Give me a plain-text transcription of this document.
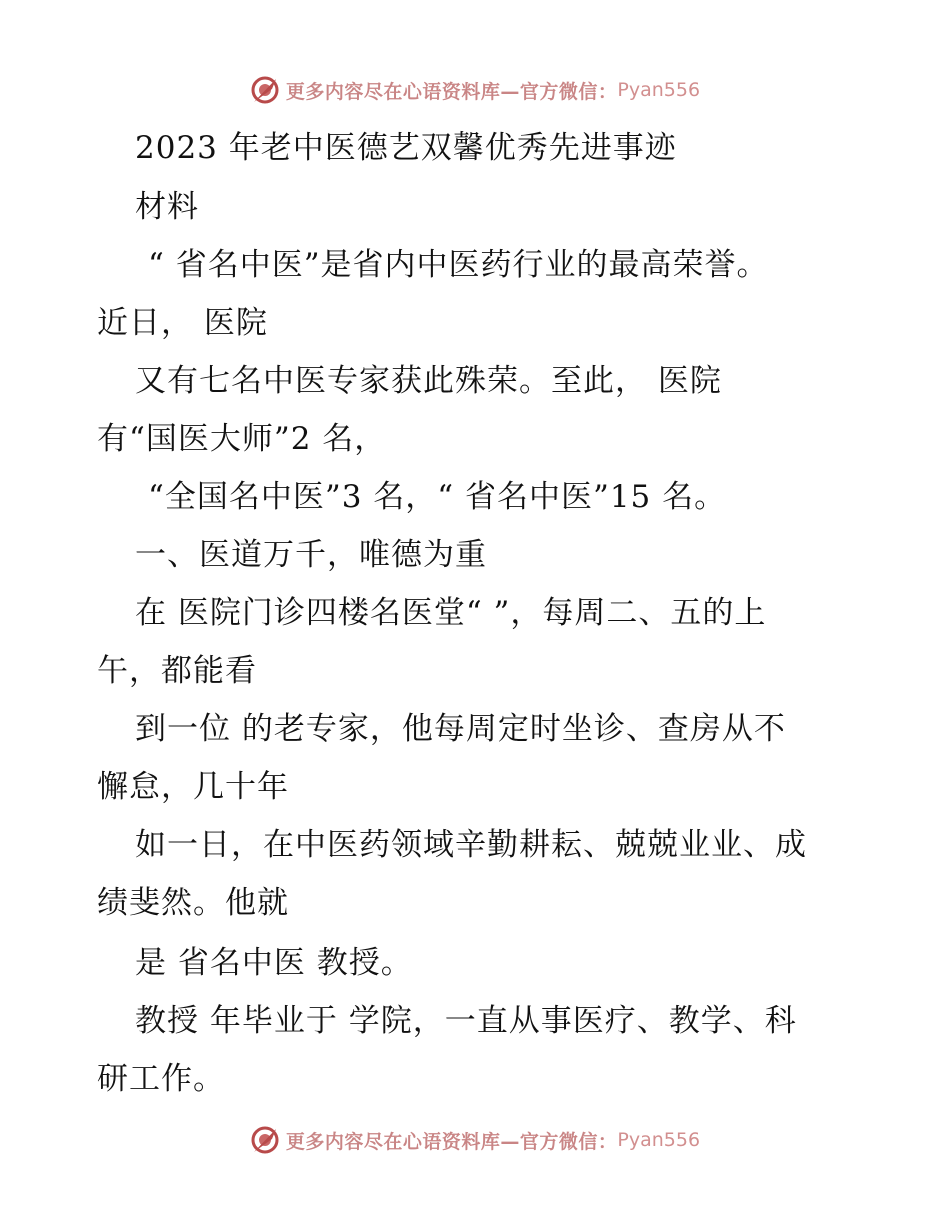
更多内容尽在心语资料库—官方微信： Pyan556
2023 年老中医德艺双馨优秀先进事迹
材料
“ 省名中医”是省内中医药行业的最高荣誉。
近日， 医院
又有七名中医专家获此殊荣。至此， 医院
有“国医大师”2 名，
“全国名中医”3 名，“ 省名中医”15 名。
一、医道万千，唯德为重
在 医院门诊四楼名医堂“ ”，每周二、五的上
午，都能看
到一位 的老专家，他每周定时坐诊、查房从不
懈怠，几十年
如一日，在中医药领域辛勤耕耘、兢兢业业、成
绩斐然。他就
是 省名中医 教授。
教授 年毕业于 学院，一直从事医疗、教学、科
研工作。
更多内容尽在心语资料库—官方微信： Pyan556
